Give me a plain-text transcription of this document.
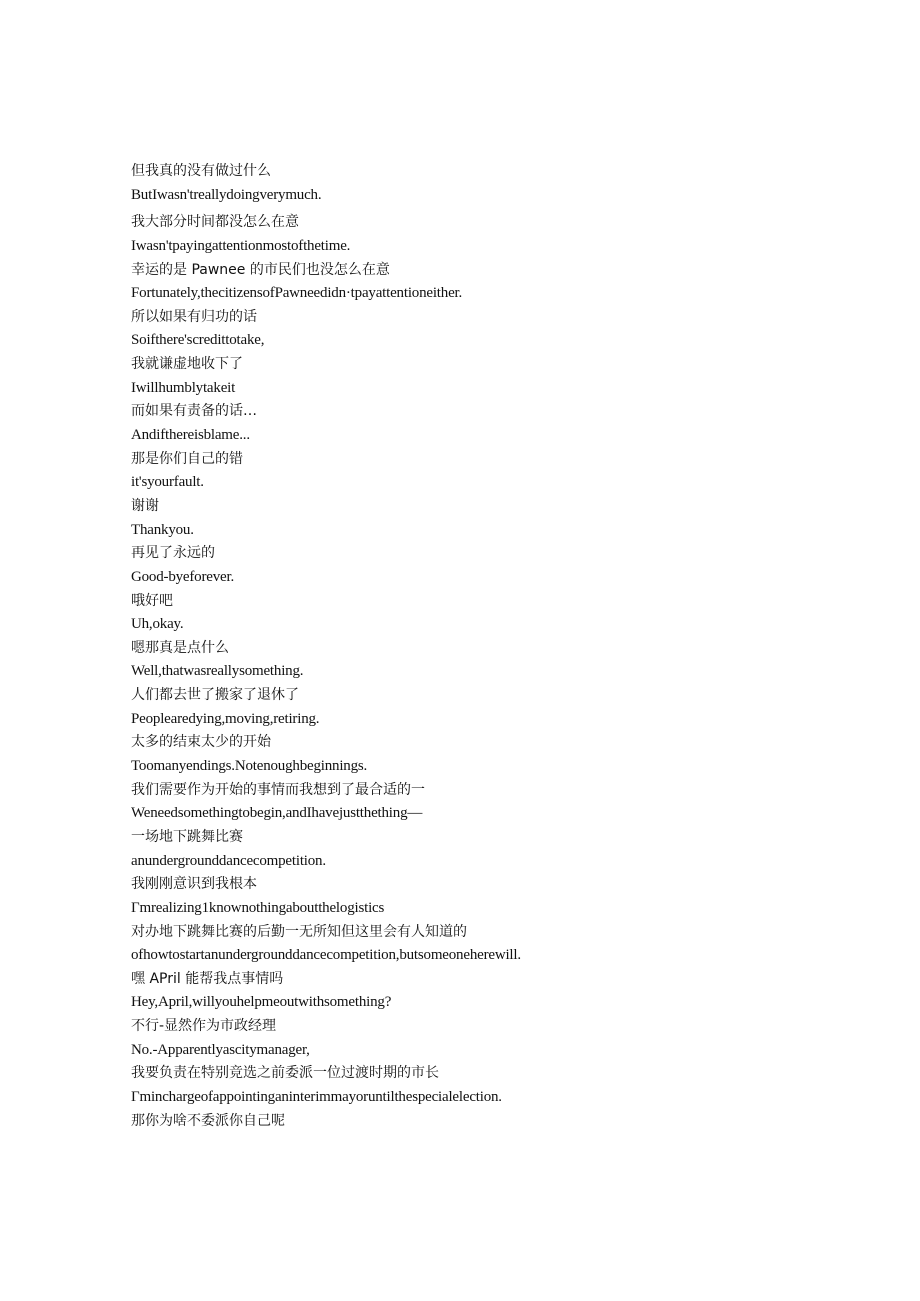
但我真的没有做过什么
ButIwasn'treallydoingverymuch.
我大部分时间都没怎么在意
Iwasn'tpayingattentionmostofthetime.
幸运的是 Pawnee 的市民们也没怎么在意
Fortunately,thecitizensofPawneedidn·tpayattentioneither.
所以如果有归功的话
Soifthere'scredittotake,
我就谦虚地收下了
Iwillhumblytakeit
而如果有责备的话…
Andifthereisblame...
那是你们自己的错
it'syourfault.
谢谢
Thankyou.
再见了永远的
Good-byeforever.
哦好吧
Uh,okay.
嗯那真是点什么
Well,thatwasreallysomething.
人们都去世了搬家了退休了
Peoplearedying,moving,retiring.
太多的结束太少的开始
Toomanyendings.Notenoughbeginnings.
我们需要作为开始的事情而我想到了最合适的一
Weneedsomethingtobegin,andIhavejustthething—
一场地下跳舞比赛
anundergrounddancecompetition.
我刚刚意识到我根本
Γmrealizing1knownothingaboutthelogistics
对办地下跳舞比赛的后勤一无所知但这里会有人知道的
ofhowtostartanundergrounddancecompetition,butsomeoneherewill.
嘿 APril 能帮我点事情吗
Hey,April,willyouhelpmeoutwithsomething?
不行-显然作为市政经理
No.-Apparentlyascitymanager,
我要负责在特别竞选之前委派一位过渡时期的市长
Γminchargeofappointinganinterimmayoruntilthespecialelection.
那你为啥不委派你自己呢
